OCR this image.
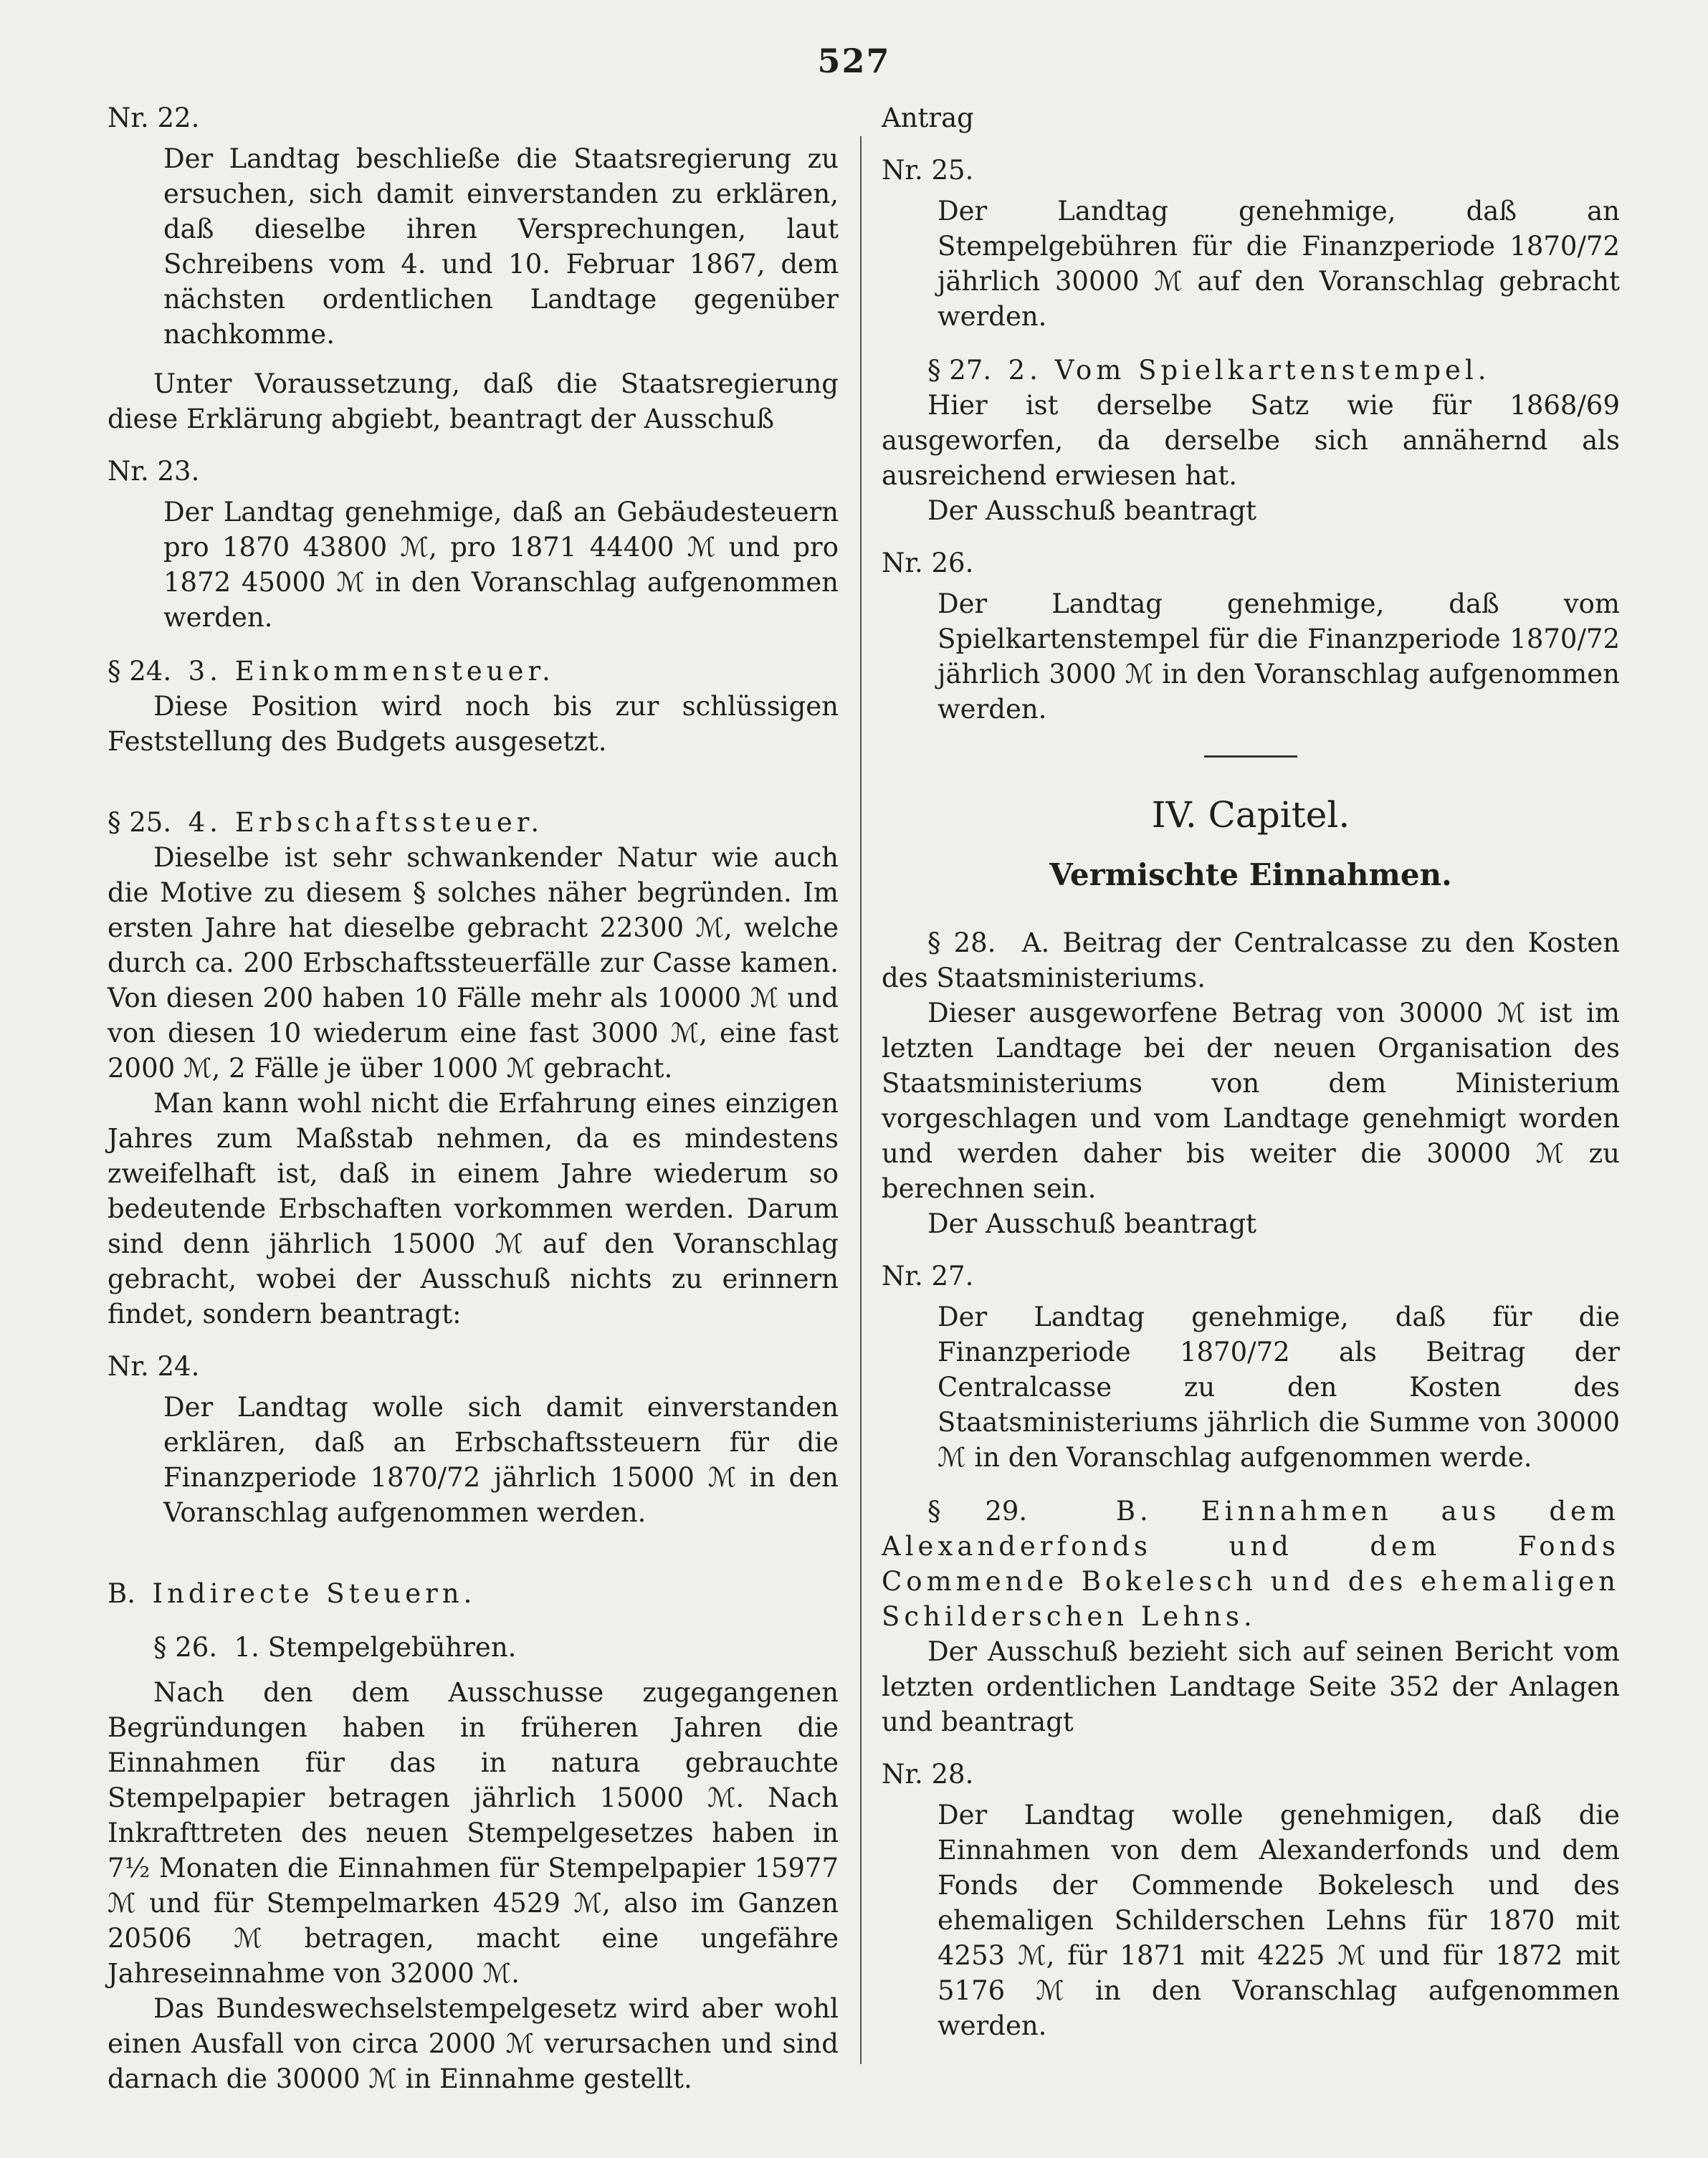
527

Nr. 22.

Der Landtag beschließe die Staatsregierung zu ersuchen, sich damit einverstanden zu erklären, daß dieselbe ihren Versprechungen, laut Schreibens vom 4. und 10. Februar 1867, dem nächsten ordentlichen Landtage gegenüber nachkomme.

Unter Voraussetzung, daß die Staatsregierung diese Erklärung abgiebt, beantragt der Ausschuß

Nr. 23.

Der Landtag genehmige, daß an Gebäudesteuern pro 1870 43800 ℳ, pro 1871 44400 ℳ und pro 1872 45000 ℳ in den Voranschlag aufgenommen werden.

§ 24. 3. Einkommensteuer.

Diese Position wird noch bis zur schlüssigen Feststellung des Budgets ausgesetzt.

§ 25. 4. Erbschaftssteuer.

Dieselbe ist sehr schwankender Natur wie auch die Motive zu diesem § solches näher begründen. Im ersten Jahre hat dieselbe gebracht 22300 ℳ, welche durch ca. 200 Erbschaftssteuerfälle zur Casse kamen. Von diesen 200 haben 10 Fälle mehr als 10000 ℳ und von diesen 10 wiederum eine fast 3000 ℳ, eine fast 2000 ℳ, 2 Fälle je über 1000 ℳ gebracht.

Man kann wohl nicht die Erfahrung eines einzigen Jahres zum Maßstab nehmen, da es mindestens zweifelhaft ist, daß in einem Jahre wiederum so bedeutende Erbschaften vorkommen werden. Darum sind denn jährlich 15000 ℳ auf den Voranschlag gebracht, wobei der Ausschuß nichts zu erinnern findet, sondern beantragt:

Nr. 24.

Der Landtag wolle sich damit einverstanden erklären, daß an Erbschaftssteuern für die Finanzperiode 1870/72 jährlich 15000 ℳ in den Voranschlag aufgenommen werden.

B. Indirecte Steuern.

§ 26. 1. Stempelgebühren.

Nach den dem Ausschusse zugegangenen Begründungen haben in früheren Jahren die Einnahmen für das in natura gebrauchte Stempelpapier betragen jährlich 15000 ℳ. Nach Inkrafttreten des neuen Stempelgesetzes haben in 7½ Monaten die Einnahmen für Stempelpapier 15977 ℳ und für Stempelmarken 4529 ℳ, also im Ganzen 20506 ℳ betragen, macht eine ungefähre Jahreseinnahme von 32000 ℳ.

Das Bundeswechselstempelgesetz wird aber wohl einen Ausfall von circa 2000 ℳ verursachen und sind darnach die 30000 ℳ in Einnahme gestellt.

Antrag

Nr. 25.

Der Landtag genehmige, daß an Stempelgebühren für die Finanzperiode 1870/72 jährlich 30000 ℳ auf den Voranschlag gebracht werden.

§ 27. 2. Vom Spielkartenstempel.

Hier ist derselbe Satz wie für 1868/69 ausgeworfen, da derselbe sich annähernd als ausreichend erwiesen hat.

Der Ausschuß beantragt

Nr. 26.

Der Landtag genehmige, daß vom Spielkartenstempel für die Finanzperiode 1870/72 jährlich 3000 ℳ in den Voranschlag aufgenommen werden.

IV. Capitel.

Vermischte Einnahmen.

§ 28. A. Beitrag der Centralcasse zu den Kosten des Staatsministeriums.

Dieser ausgeworfene Betrag von 30000 ℳ ist im letzten Landtage bei der neuen Organisation des Staatsministeriums von dem Ministerium vorgeschlagen und vom Landtage genehmigt worden und werden daher bis weiter die 30000 ℳ zu berechnen sein.

Der Ausschuß beantragt

Nr. 27.

Der Landtag genehmige, daß für die Finanzperiode 1870/72 als Beitrag der Centralcasse zu den Kosten des Staatsministeriums jährlich die Summe von 30000 ℳ in den Voranschlag aufgenommen werde.

§ 29.	B. Einnahmen aus dem Alexanderfonds und dem Fonds Commende Bokelesch und des ehemaligen Schilderschen Lehns.

Der Ausschuß bezieht sich auf seinen Bericht vom letzten ordentlichen Landtage Seite 352 der Anlagen und beantragt

Nr. 28.

Der Landtag wolle genehmigen, daß die Einnahmen von dem Alexanderfonds und dem Fonds der Commende Bokelesch und des ehemaligen Schilderschen Lehns für 1870 mit 4253 ℳ, für 1871 mit 4225 ℳ und für 1872 mit 5176 ℳ in den Voranschlag aufgenommen werden.
